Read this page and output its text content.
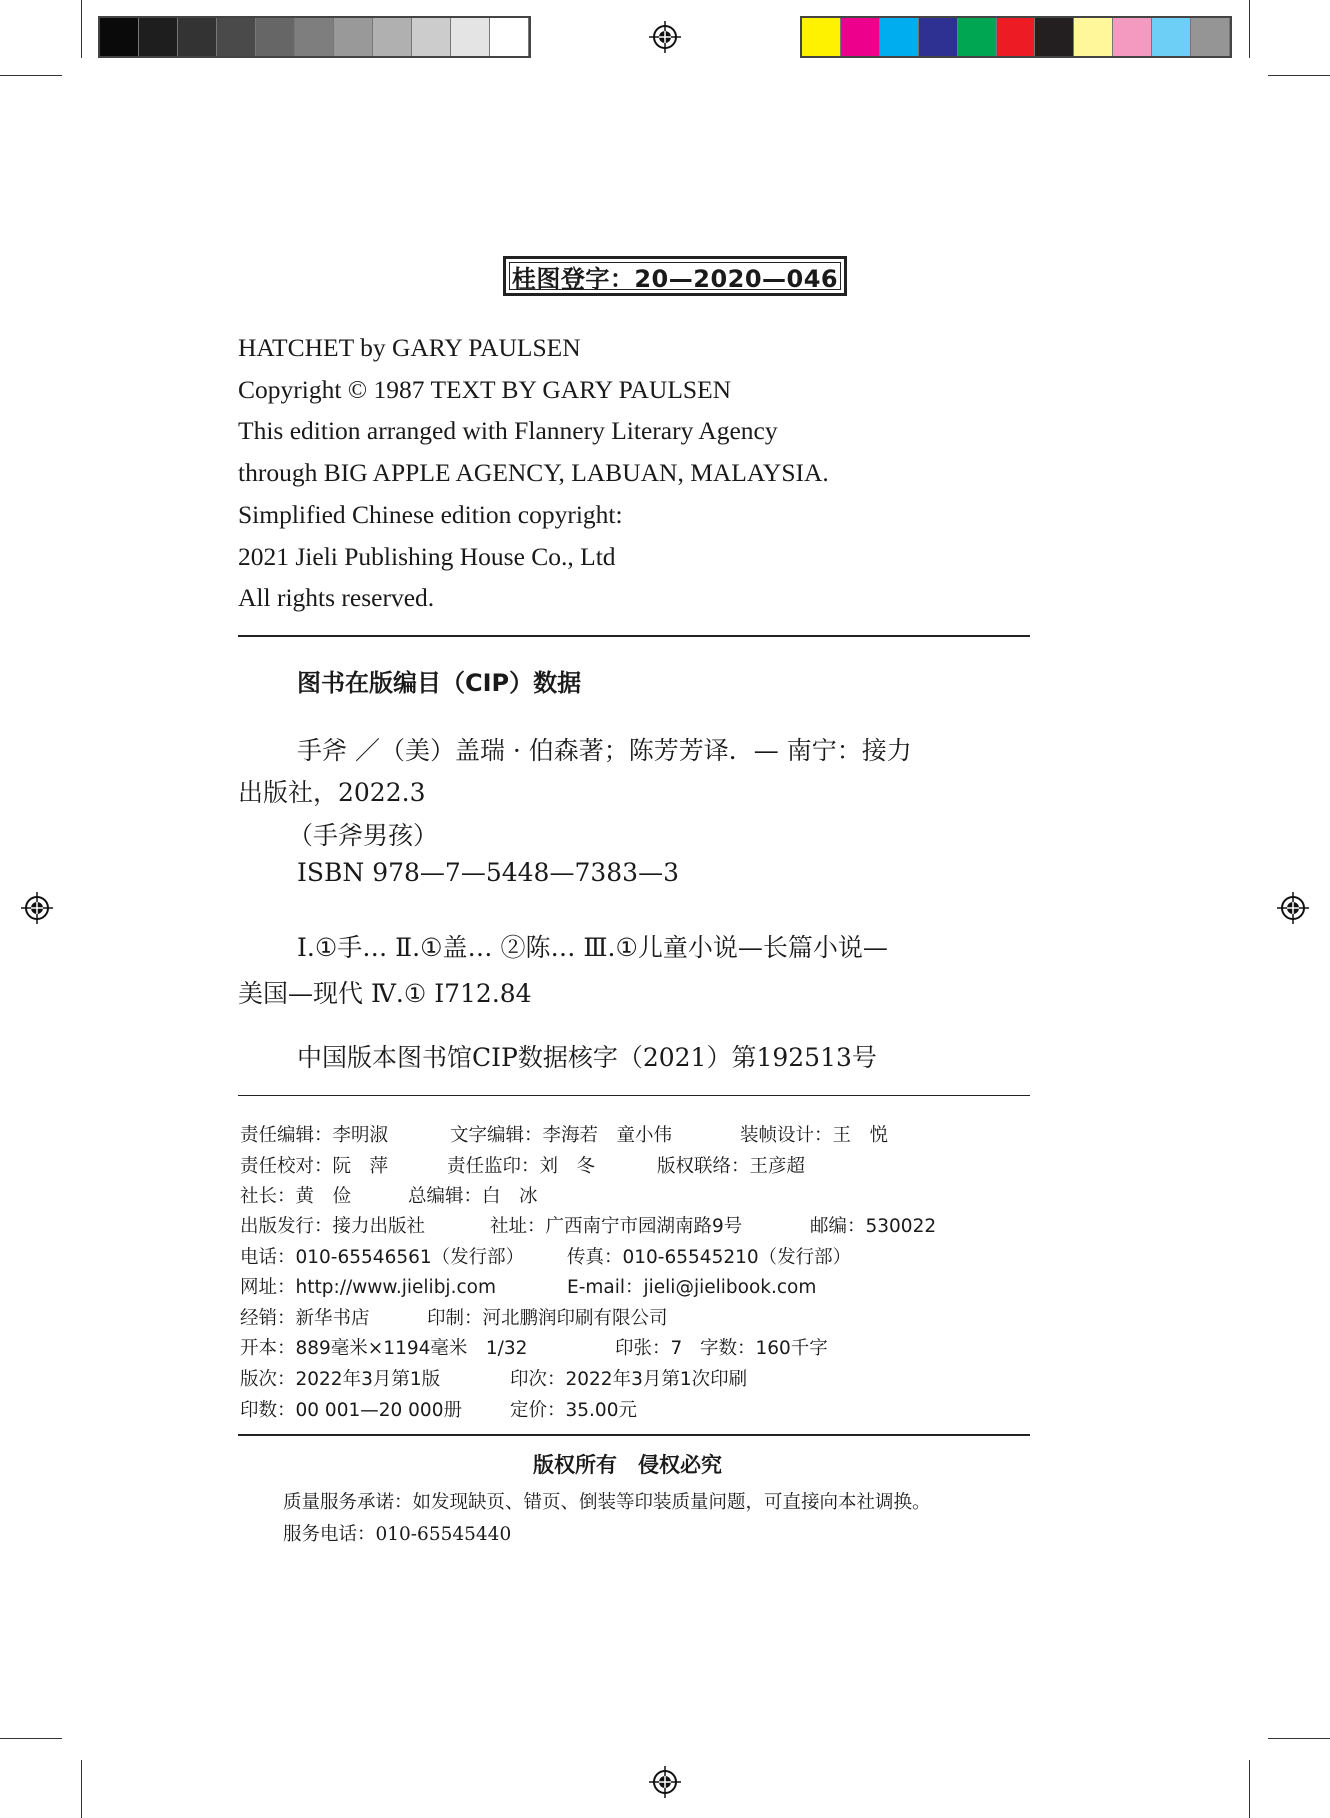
桂图登字：20—2020—046
HATCHET by GARY PAULSEN
Copyright © 1987 TEXT BY GARY PAULSEN
This edition arranged with Flannery Literary Agency
through BIG APPLE AGENCY, LABUAN, MALAYSIA.
Simplified Chinese edition copyright:
2021 Jieli Publishing House Co., Ltd
All rights reserved.
图书在版编目（CIP）数据
手斧 ／（美）盖瑞 · 伯森著；陈芳芳译．— 南宁：接力
出版社，2022.3
（手斧男孩）
ISBN 978—7—5448—7383—3
Ⅰ.①手… Ⅱ.①盖… ②陈… Ⅲ.①儿童小说—长篇小说—
美国—现代 Ⅳ.① I712.84
中国版本图书馆CIP数据核字（2021）第192513号
责任编辑：李明淑	文字编辑：李海若　童小伟	装帧设计：王　悦
责任校对：阮　萍	责任监印：刘　冬	版权联络：王彦超
社长：黄　俭	总编辑：白　冰
出版发行：接力出版社	社址：广西南宁市园湖南路9号	邮编：530022
电话：010-65546561（发行部） 传真：010-65545210（发行部）
网址：http://www.jielibj.com	E-mail：jieli@jielibook.com
经销：新华书店	印制：河北鹏润印刷有限公司
开本：889毫米×1194毫米　1/32	印张：7 字数：160千字
版次：2022年3月第1版	印次：2022年3月第1次印刷
印数：00 001—20 000册	定价：35.00元
版权所有　侵权必究
质量服务承诺：如发现缺页、错页、倒装等印装质量问题，可直接向本社调换。
服务电话：010-65545440
